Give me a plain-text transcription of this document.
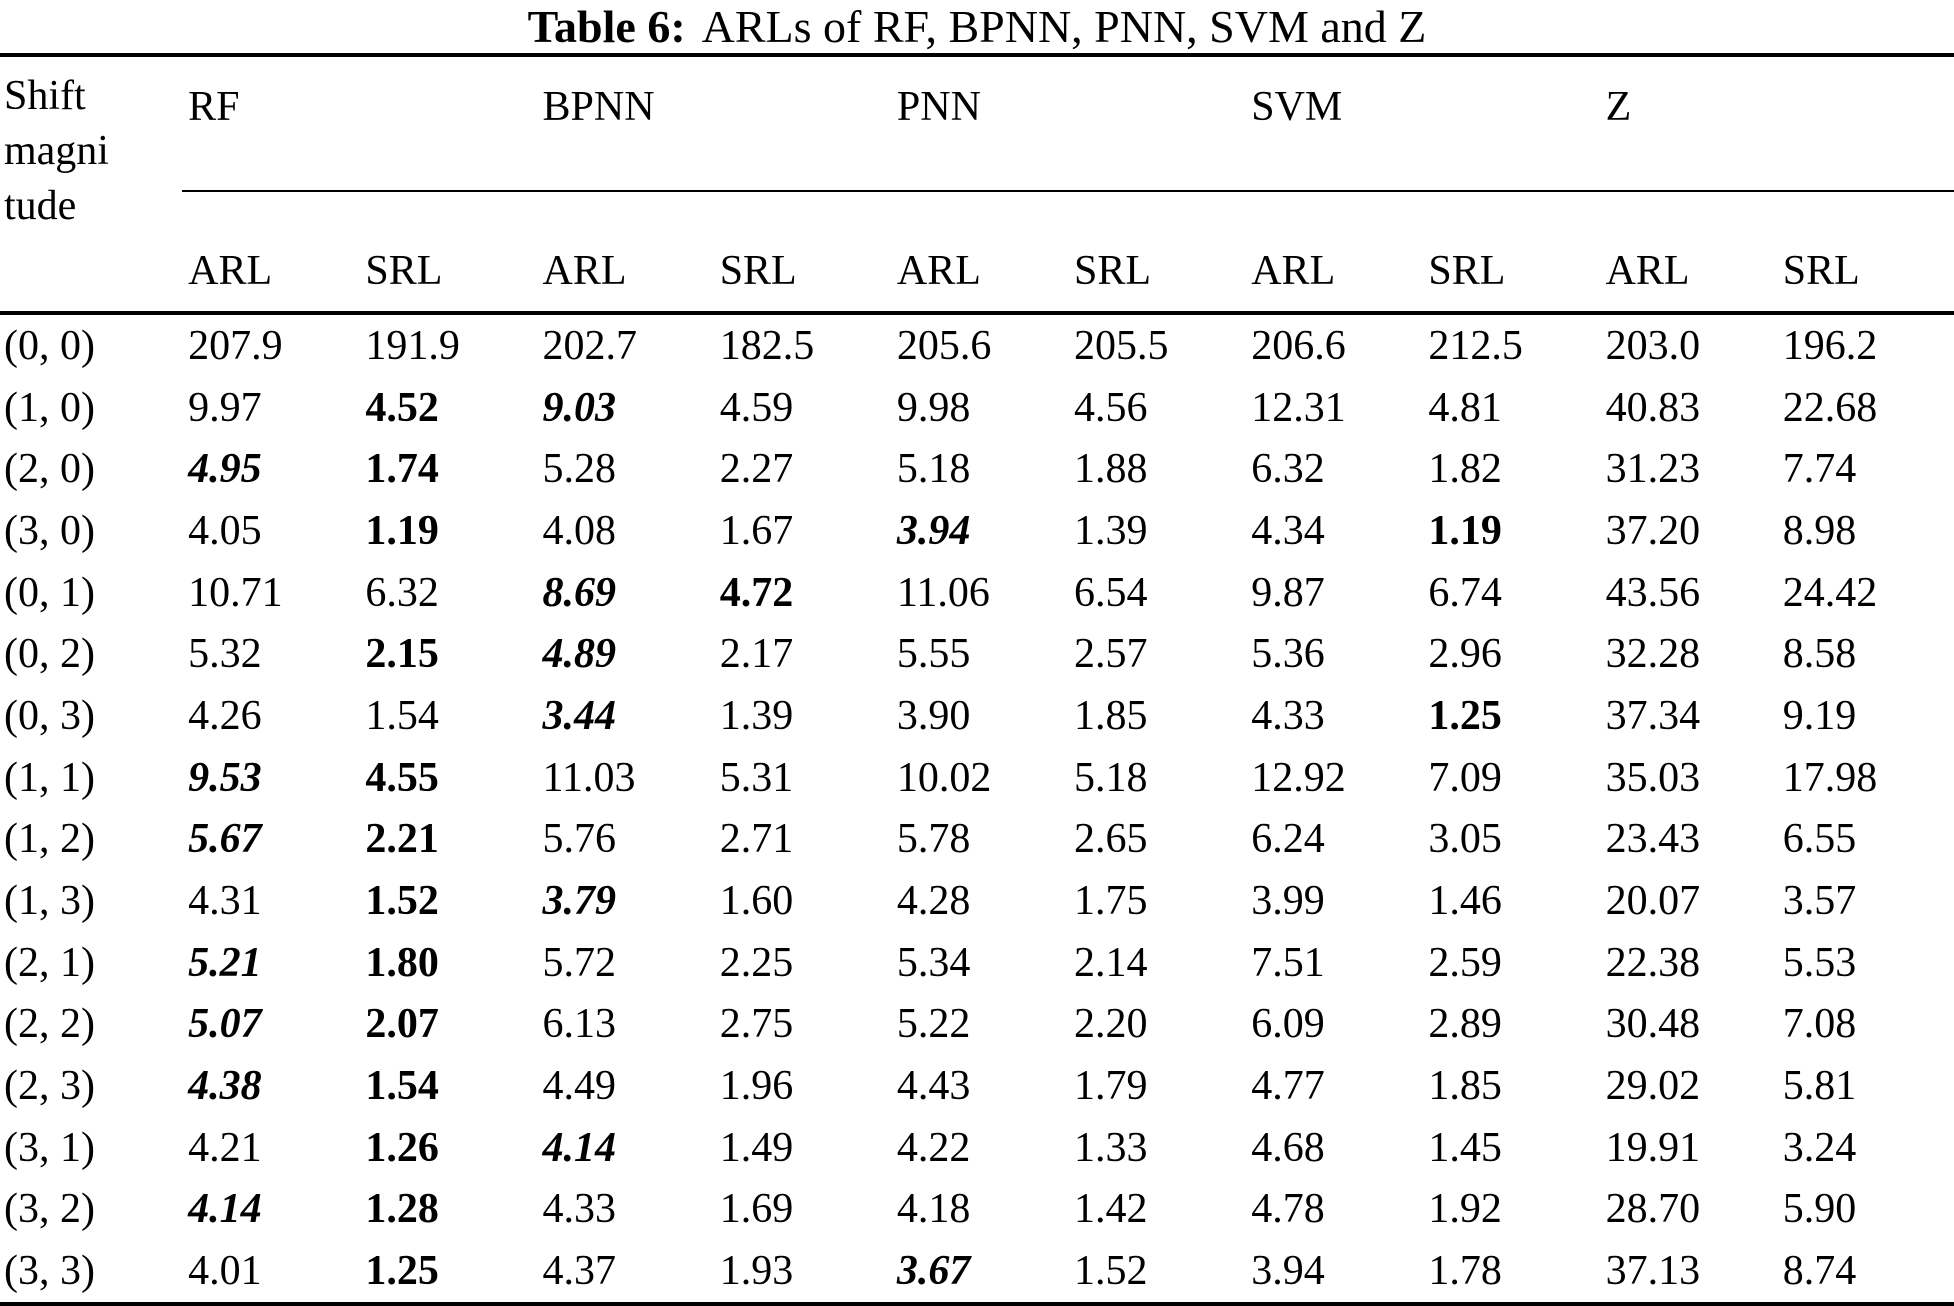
Table 6: ARLs of RF, BPNN, PNN, SVM and Z
Shift
magni
tude	RF		BPNN		PNN		SVM		Z	
	ARL	SRL	ARL	SRL	ARL	SRL	ARL	SRL	ARL	SRL
(0, 0)	207.9	191.9	202.7	182.5	205.6	205.5	206.6	212.5	203.0	196.2
(1, 0)	9.97	4.52	9.03	4.59	9.98	4.56	12.31	4.81	40.83	22.68
(2, 0)	4.95	1.74	5.28	2.27	5.18	1.88	6.32	1.82	31.23	7.74
(3, 0)	4.05	1.19	4.08	1.67	3.94	1.39	4.34	1.19	37.20	8.98
(0, 1)	10.71	6.32	8.69	4.72	11.06	6.54	9.87	6.74	43.56	24.42
(0, 2)	5.32	2.15	4.89	2.17	5.55	2.57	5.36	2.96	32.28	8.58
(0, 3)	4.26	1.54	3.44	1.39	3.90	1.85	4.33	1.25	37.34	9.19
(1, 1)	9.53	4.55	11.03	5.31	10.02	5.18	12.92	7.09	35.03	17.98
(1, 2)	5.67	2.21	5.76	2.71	5.78	2.65	6.24	3.05	23.43	6.55
(1, 3)	4.31	1.52	3.79	1.60	4.28	1.75	3.99	1.46	20.07	3.57
(2, 1)	5.21	1.80	5.72	2.25	5.34	2.14	7.51	2.59	22.38	5.53
(2, 2)	5.07	2.07	6.13	2.75	5.22	2.20	6.09	2.89	30.48	7.08
(2, 3)	4.38	1.54	4.49	1.96	4.43	1.79	4.77	1.85	29.02	5.81
(3, 1)	4.21	1.26	4.14	1.49	4.22	1.33	4.68	1.45	19.91	3.24
(3, 2)	4.14	1.28	4.33	1.69	4.18	1.42	4.78	1.92	28.70	5.90
(3, 3)	4.01	1.25	4.37	1.93	3.67	1.52	3.94	1.78	37.13	8.74
